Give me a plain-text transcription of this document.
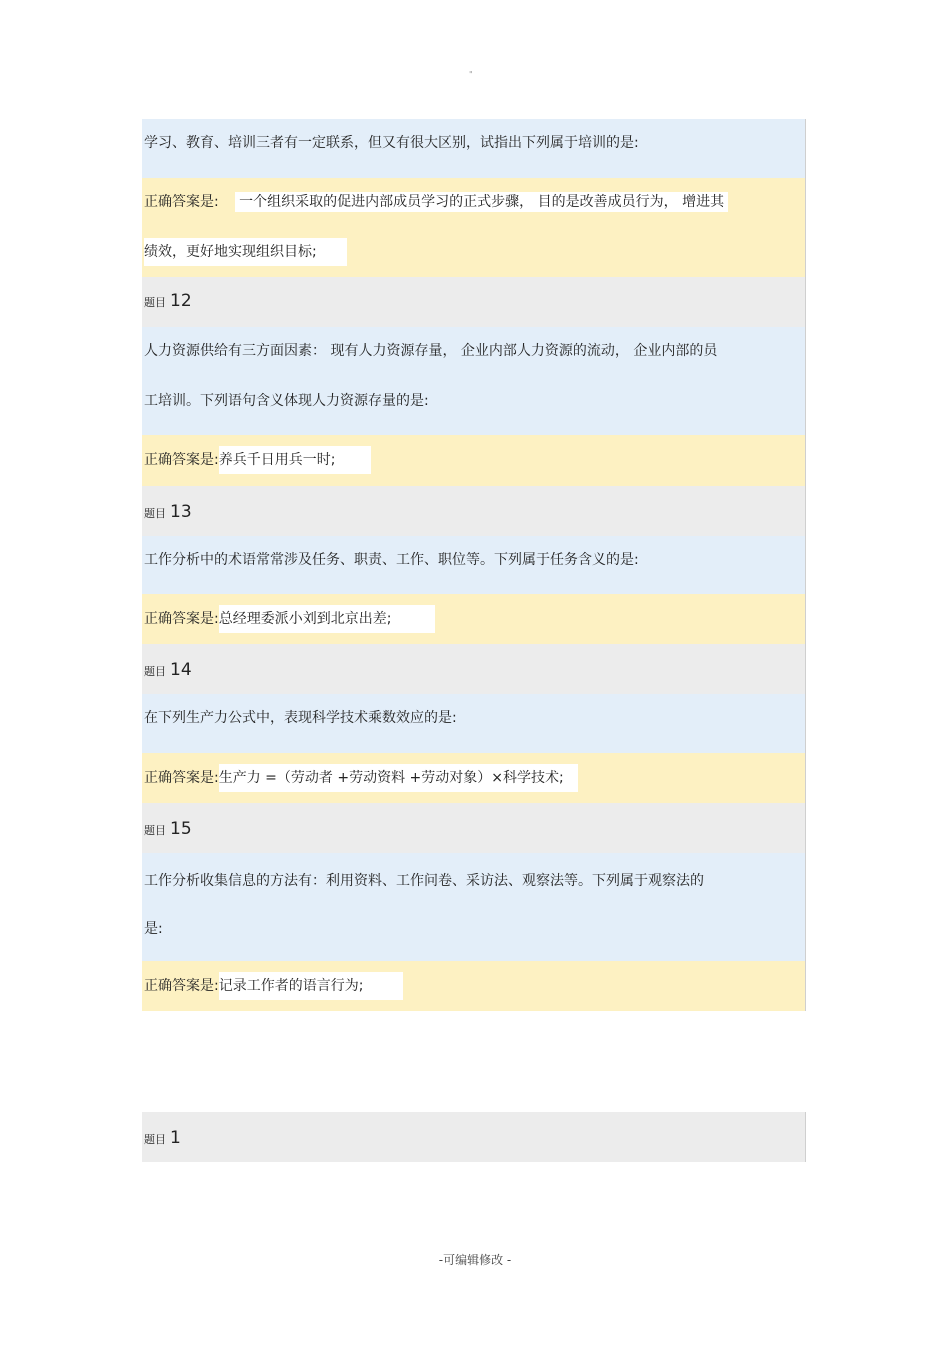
"
学习、教育、培训三者有一定联系，但又有很大区别，试指出下列属于培训的是:
正确答案是: 一个组织采取的促进内部成员学习的正式步骤， 目的是改善成员行为， 增进其
绩效，更好地实现组织目标;
题目 12
人力资源供给有三方面因素： 现有人力资源存量， 企业内部人力资源的流动， 企业内部的员
工培训。下列语句含义体现人力资源存量的是:
正确答案是:养兵千日用兵一时;
题目 13
工作分析中的术语常常涉及任务、职责、工作、职位等。下列属于任务含义的是:
正确答案是:总经理委派小刘到北京出差;
题目 14
在下列生产力公式中，表现科学技术乘数效应的是:
正确答案是:生产力 =（劳动者 +劳动资料 +劳动对象）×科学技术;
题目 15
工作分析收集信息的方法有：利用资料、工作问卷、采访法、观察法等。下列属于观察法的
是:
正确答案是:记录工作者的语言行为;
题目 1
-可编辑修改 -
